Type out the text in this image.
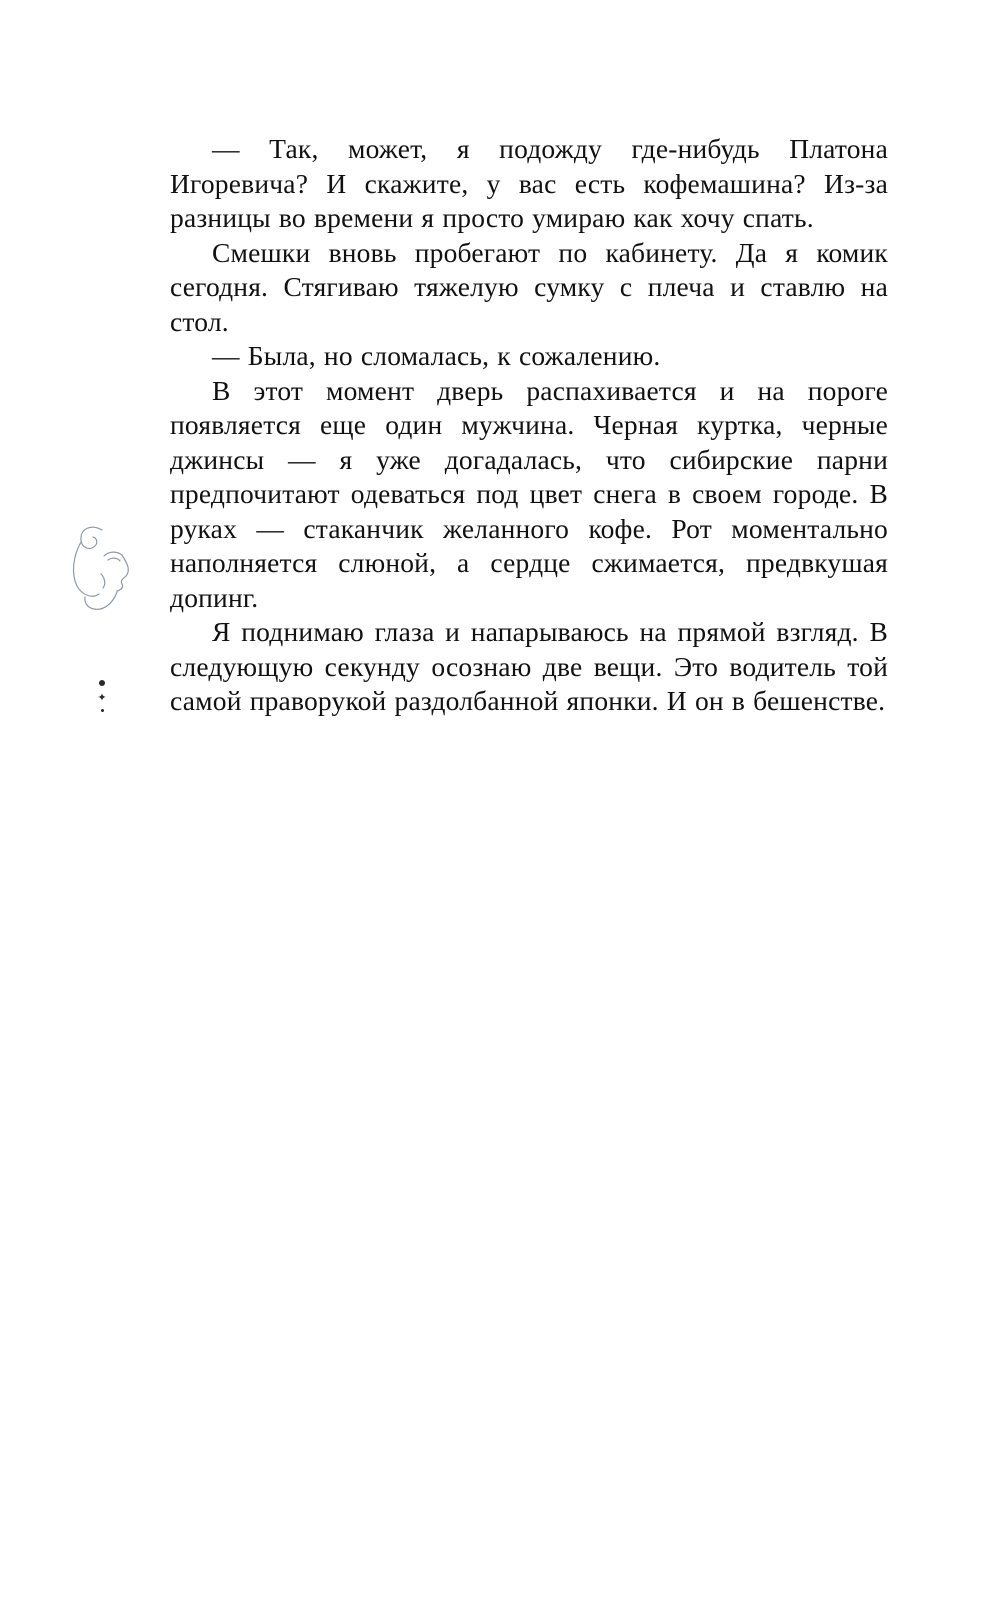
✦

— Так, может, я подожду где-нибудь Платона Игоревича? И скажите, у вас есть кофемашина? Из-за разницы во времени я просто умираю как хочу спать.

Смешки вновь пробегают по кабинету. Да я комик сегодня. Стягиваю тяжелую сумку с плеча и ставлю на стол.

— Была, но сломалась, к сожалению.

В этот момент дверь распахивается и на пороге появляется еще один мужчина. Черная куртка, черные джинсы — я уже догадалась, что сибирские парни предпочитают одеваться под цвет снега в своем городе. В руках — стаканчик желанного кофе. Рот моментально наполняется слюной, а сердце сжимается, предвкушая допинг.

Я поднимаю глаза и напарываюсь на прямой взгляд. В следующую секунду осознаю две вещи. Это водитель той самой праворукой раздолбанной японки. И он в бешенстве.
